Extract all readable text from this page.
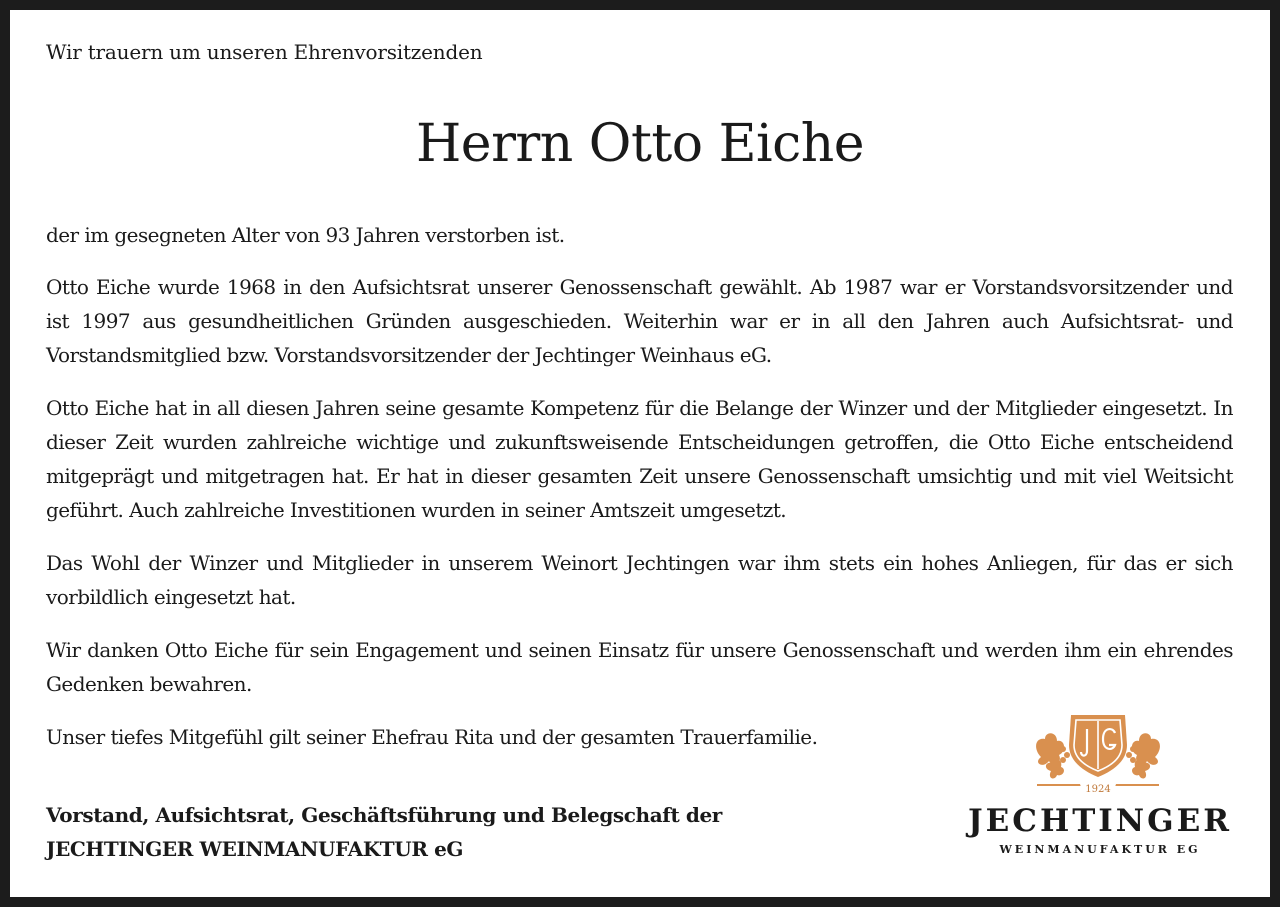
Wir trauern um unseren Ehrenvorsitzenden
Herrn Otto Eiche

der im gesegneten Alter von 93 Jahren verstorben ist.

Otto Eiche wurde 1968 in den Aufsichtsrat unserer Genossenschaft gewählt. Ab 1987 war er Vorstandsvorsitzender und ist 1997 aus gesundheitlichen Gründen ausgeschieden. Weiterhin war er in all den Jahren auch Aufsichtsrat- und Vorstandsmitglied bzw. Vorstandsvorsitzender der Jechtinger Weinhaus eG.

Otto Eiche hat in all diesen Jahren seine gesamte Kompetenz für die Belange der Winzer und der Mitglieder eingesetzt. In dieser Zeit wurden zahlreiche wichtige und zukunftsweisende Entscheidungen getroffen, die Otto Eiche entscheidend mitgeprägt und mitgetragen hat. Er hat in dieser gesamten Zeit unsere Genossenschaft umsichtig und mit viel Weitsicht geführt. Auch zahlreiche Investitionen wurden in seiner Amtszeit umgesetzt.

Das Wohl der Winzer und Mitglieder in unserem Weinort Jechtingen war ihm stets ein hohes Anliegen, für das er sich vorbildlich eingesetzt hat.

Wir danken Otto Eiche für sein Engagement und seinen Einsatz für unsere Genossenschaft und werden ihm ein ehrendes Gedenken bewahren.

Unser tiefes Mitgefühl gilt seiner Ehefrau Rita und der gesamten Trauerfamilie.

Vorstand, Aufsichtsrat, Geschäftsführung und Belegschaft der
JECHTINGER WEINMANUFAKTUR eG
1924
JECHTINGER
WEINMANUFAKTUR EG
